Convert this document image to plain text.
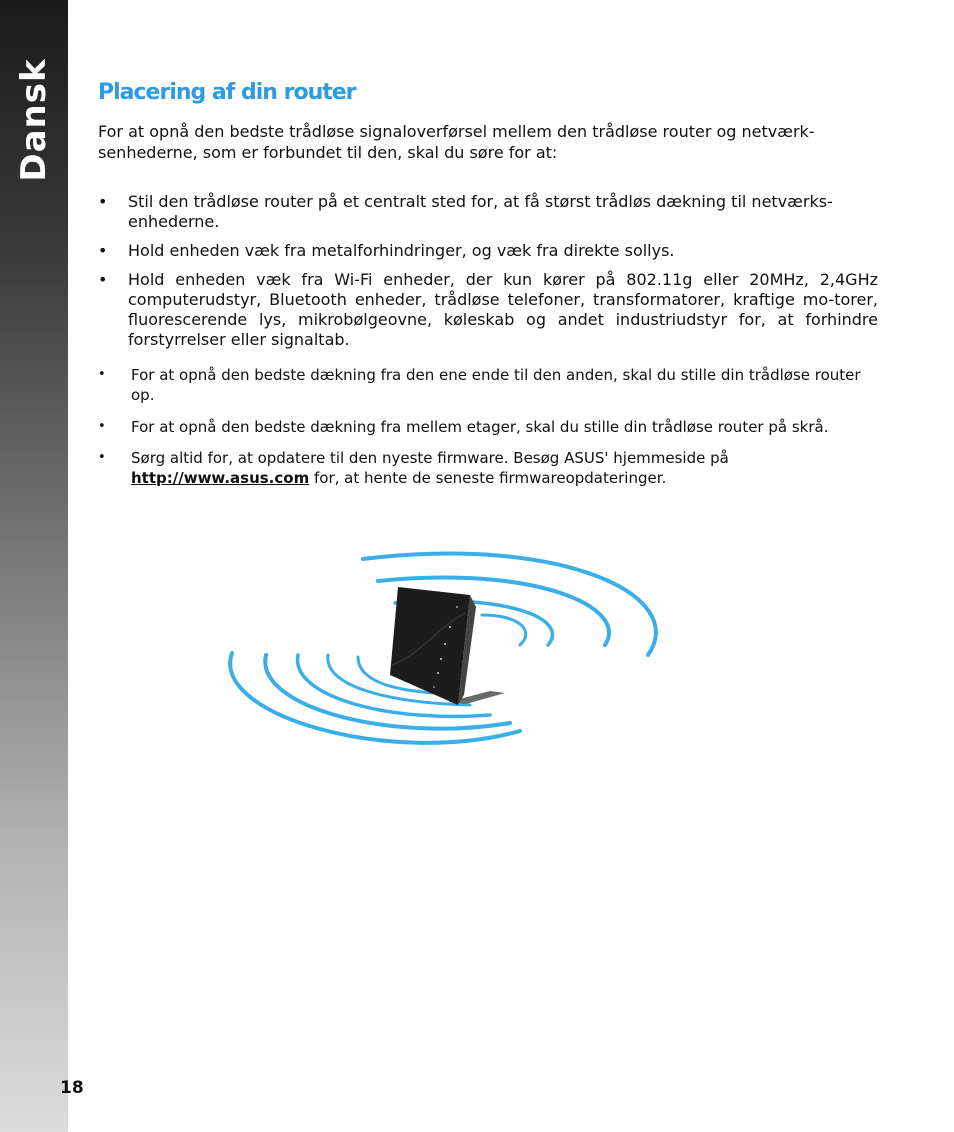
Dansk Placering af din router

For at opnå den bedste trådløse signaloverførsel mellem den trådløse router og netværk-senhederne, som er forbundet til den, skal du søre for at:

• Stil den trådløse router på et centralt sted for, at få størst trådløs dækning til netværks-enhederne.
• Hold enheden væk fra metalforhindringer, og væk fra direkte sollys.
• Hold enheden væk fra Wi-Fi enheder, der kun kører på 802.11g eller 20MHz, 2,4GHz computerudstyr, Bluetooth enheder, trådløse telefoner, transformatorer, kraftige mo-torer, fluorescerende lys, mikrobølgeovne, køleskab og andet industriudstyr for, at forhindre forstyrrelser eller signaltab.
• For at opnå den bedste dækning fra den ene ende til den anden, skal du stille din trådløse router op.
• For at opnå den bedste dækning fra mellem etager, skal du stille din trådløse router på skrå.
• Sørg altid for, at opdatere til den nyeste firmware. Besøg ASUS' hjemmeside på http://www.asus.com for, at hente de seneste firmwareopdateringer.
18
